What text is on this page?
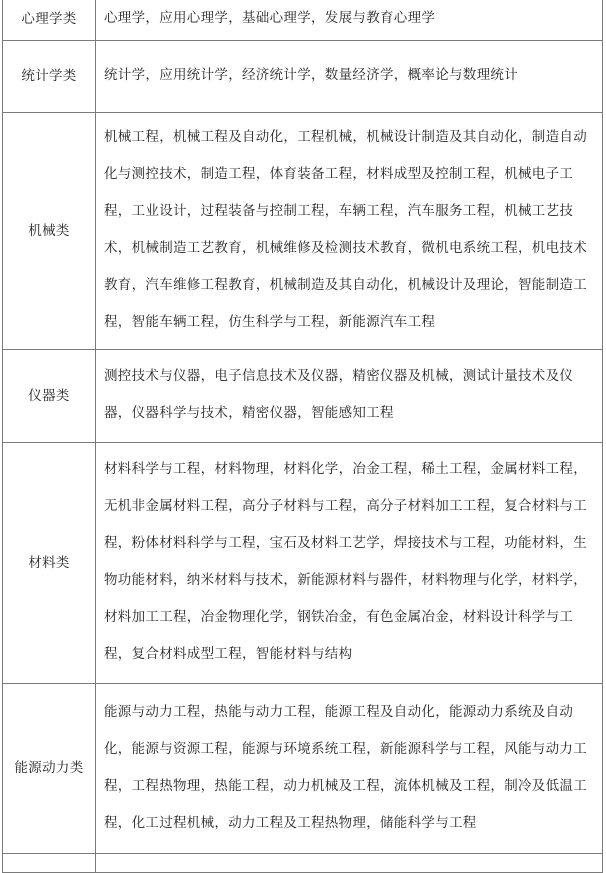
心理学类	心理学，应用心理学，基础心理学，发展与教育心理学
统计学类	统计学，应用统计学，经济统计学，数量经济学，概率论与数理统计
机械类	机械工程，机械工程及自动化，工程机械，机械设计制造及其自动化，制造自动化与测控技术，制造工程，体育装备工程，材料成型及控制工程，机械电子工程，工业设计，过程装备与控制工程，车辆工程，汽车服务工程，机械工艺技术，机械制造工艺教育，机械维修及检测技术教育，微机电系统工程，机电技术教育，汽车维修工程教育，机械制造及其自动化，机械设计及理论，智能制造工程，智能车辆工程，仿生科学与工程，新能源汽车工程
仪器类	测控技术与仪器，电子信息技术及仪器，精密仪器及机械，测试计量技术及仪器，仪器科学与技术，精密仪器，智能感知工程
材料类	材料科学与工程，材料物理，材料化学，冶金工程，稀土工程，金属材料工程，无机非金属材料工程，高分子材料与工程，高分子材料加工工程，复合材料与工程，粉体材料科学与工程，宝石及材料工艺学，焊接技术与工程，功能材料，生物功能材料，纳米材料与技术，新能源材料与器件，材料物理与化学，材料学，材料加工工程，冶金物理化学，钢铁冶金，有色金属冶金，材料设计科学与工程，复合材料成型工程，智能材料与结构
能源动力类	能源与动力工程，热能与动力工程，能源工程及自动化，能源动力系统及自动化，能源与资源工程，能源与环境系统工程，新能源科学与工程，风能与动力工程，工程热物理，热能工程，动力机械及工程，流体机械及工程，制冷及低温工程，化工过程机械，动力工程及工程热物理，储能科学与工程
